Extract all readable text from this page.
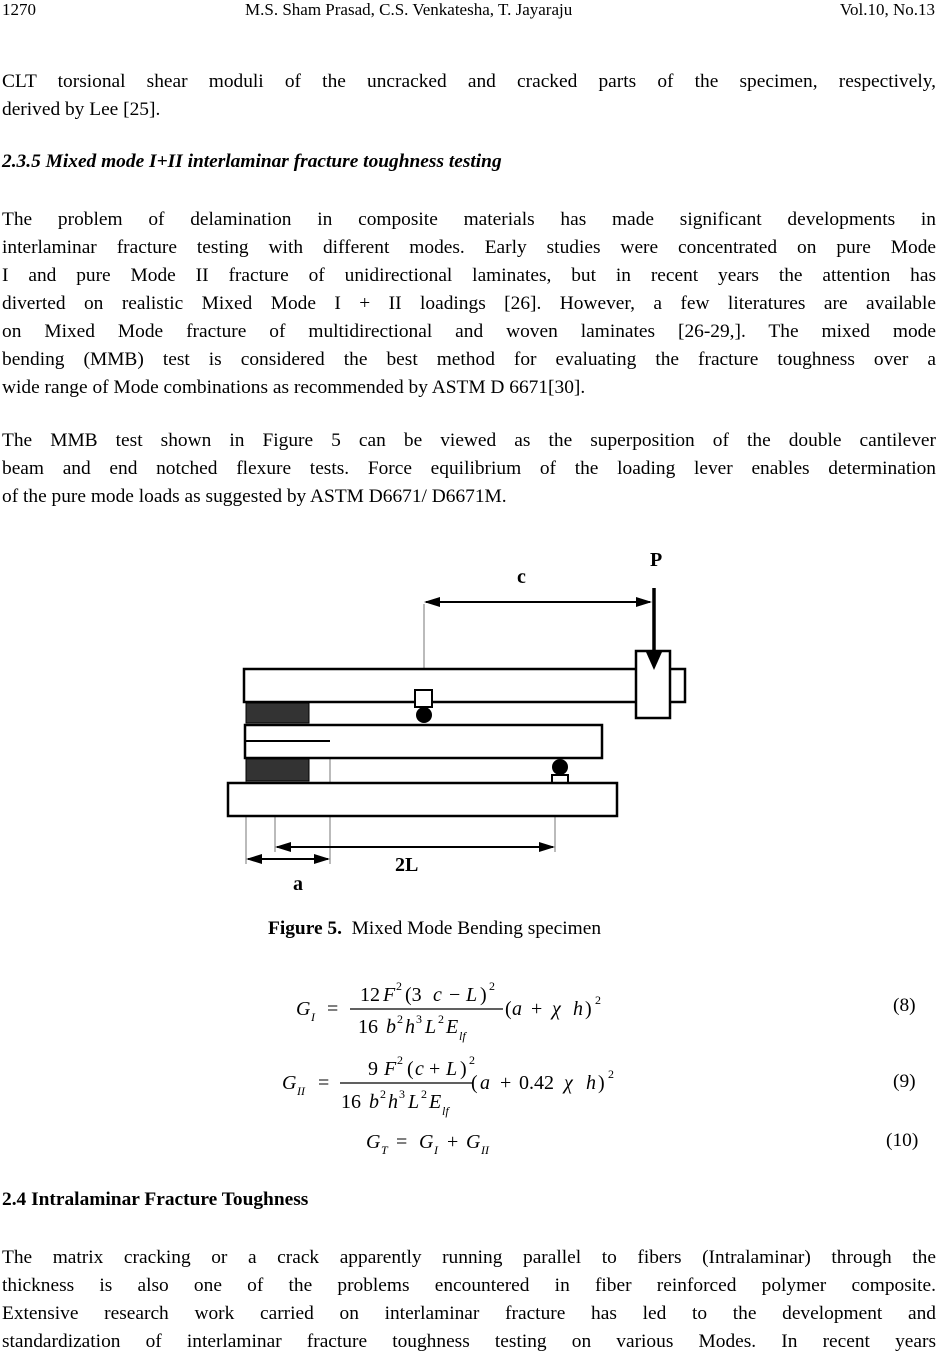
1270	M.S. Sham Prasad, C.S. Venkatesha, T. Jayaraju	Vol.10, No.13
CLT torsional shear moduli of the uncracked and cracked parts of the specimen, respectively,
derived by Lee [25].
2.3.5 Mixed mode I+II interlaminar fracture toughness testing
The problem of delamination in composite materials has made significant developments in
interlaminar fracture testing with different modes. Early studies were concentrated on pure Mode
I and pure Mode II fracture of unidirectional laminates, but in recent years the attention has
diverted on realistic Mixed Mode I + II loadings [26]. However, a few literatures are available
on Mixed Mode fracture of multidirectional and woven laminates [26-29,]. The mixed mode
bending (MMB) test is considered the best method for evaluating the fracture toughness over a
wide range of Mode combinations as recommended by ASTM D 6671[30].
The MMB test shown in Figure 5 can be viewed as the superposition of the double cantilever
beam and end notched flexure tests. Force equilibrium of the loading lever enables determination
of the pure mode loads as suggested by ASTM D6671/ D6671M.
P
c
2L
a
Figure 5. Mixed Mode Bending specimen
G I =
12 F 2 (3 c − L ) 2
16 b 2 h 3 L 2 E lf
( a + χ h ) 2
G II =
9 F 2 ( c + L ) 2
16 b 2 h 3 L 2 E lf
( a + 0.42 χ h ) 2
G T = G I + G II
(8)
(9)
(10)
2.4 Intralaminar Fracture Toughness
The matrix cracking or a crack apparently running parallel to fibers (Intralaminar) through the
thickness is also one of the problems encountered in fiber reinforced polymer composite.
Extensive research work carried on interlaminar fracture has led to the development and
standardization of interlaminar fracture toughness testing on various Modes. In recent years
